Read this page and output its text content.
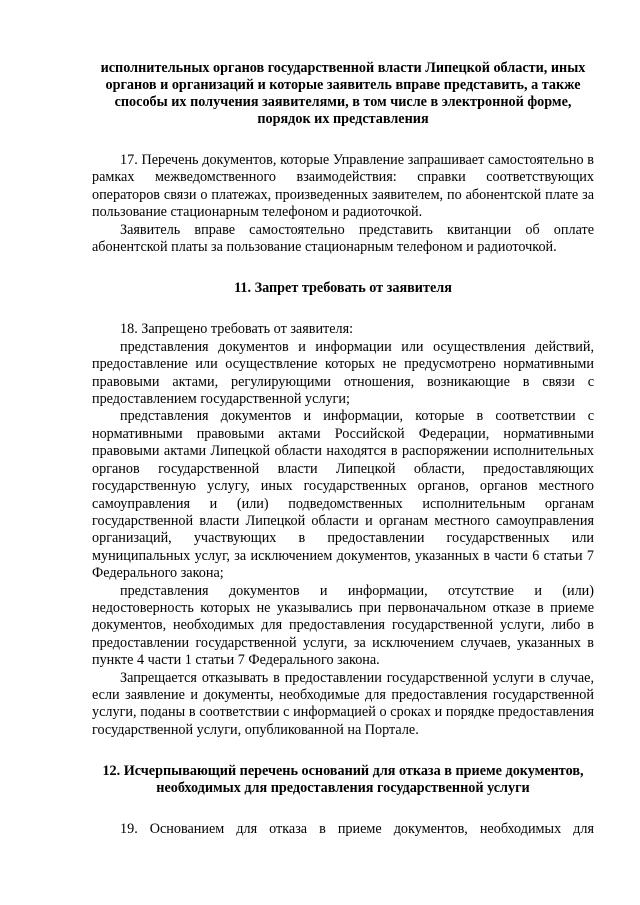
исполнительных органов государственной власти Липецкой области, иных органов и организаций и которые заявитель вправе представить, а также способы их получения заявителями, в том числе в электронной форме, порядок их представления

17. Перечень документов, которые Управление запрашивает самостоятельно в рамках межведомственного взаимодействия: справки соответствующих операторов связи о платежах, произведенных заявителем, по абонентской плате за пользование стационарным телефоном и радиоточкой.

Заявитель вправе самостоятельно представить квитанции об оплате абонентской платы за пользование стационарным телефоном и радиоточкой.

11. Запрет требовать от заявителя

18. Запрещено требовать от заявителя:

представления документов и информации или осуществления действий, предоставление или осуществление которых не предусмотрено нормативными правовыми актами, регулирующими отношения, возникающие в связи с предоставлением государственной услуги;

представления документов и информации, которые в соответствии с нормативными правовыми актами Российской Федерации, нормативными правовыми актами Липецкой области находятся в распоряжении исполнительных органов государственной власти Липецкой области, предоставляющих государственную услугу, иных государственных органов, органов местного самоуправления и (или) подведомственных исполнительным органам государственной власти Липецкой области и органам местного самоуправления организаций, участвующих в предоставлении государственных или муниципальных услуг, за исключением документов, указанных в части 6 статьи 7 Федерального закона;

представления документов и информации, отсутствие и (или) недостоверность которых не указывались при первоначальном отказе в приеме документов, необходимых для предоставления государственной услуги, либо в предоставлении государственной услуги, за исключением случаев, указанных в пункте 4 части 1 статьи 7 Федерального закона.

Запрещается отказывать в предоставлении государственной услуги в случае, если заявление и документы, необходимые для предоставления государственной услуги, поданы в соответствии с информацией о сроках и порядке предоставления государственной услуги, опубликованной на Портале.

12. Исчерпывающий перечень оснований для отказа в приеме документов, необходимых для предоставления государственной услуги

19. Основанием для отказа в приеме документов, необходимых для
